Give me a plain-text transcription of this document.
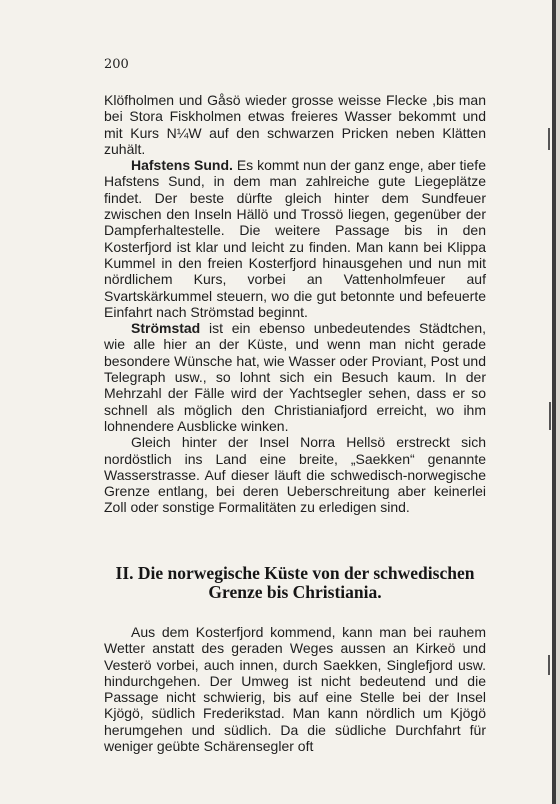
200

Klöfholmen und Gåsö wieder grosse weisse Flecke ,bis man bei Stora Fiskholmen etwas freieres Wasser bekommt und mit Kurs N¼W auf den schwarzen Pricken neben Klätten zuhält.

Hafstens Sund. Es kommt nun der ganz enge, aber tiefe Hafstens Sund, in dem man zahlreiche gute Liegeplätze findet. Der beste dürfte gleich hinter dem Sundfeuer zwischen den Inseln Hällö und Trossö liegen, gegenüber der Dampferhaltestelle. Die weitere Passage bis in den Kosterfjord ist klar und leicht zu finden. Man kann bei Klippa Kummel in den freien Kosterfjord hinausgehen und nun mit nördlichem Kurs, vorbei an Vattenholmfeuer auf Svartskärkummel steuern, wo die gut betonnte und befeuerte Einfahrt nach Strömstad beginnt.

Strömstad ist ein ebenso unbedeutendes Städtchen, wie alle hier an der Küste, und wenn man nicht gerade besondere Wünsche hat, wie Wasser oder Proviant, Post und Telegraph usw., so lohnt sich ein Besuch kaum. In der Mehrzahl der Fälle wird der Yachtsegler sehen, dass er so schnell als möglich den Christianiafjord erreicht, wo ihm lohnendere Ausblicke winken.

Gleich hinter der Insel Norra Hellsö erstreckt sich nordöstlich ins Land eine breite, „Saekken“ genannte Wasserstrasse. Auf dieser läuft die schwedisch-norwegische Grenze entlang, bei deren Ueberschreitung aber keinerlei Zoll oder sonstige Formalitäten zu erledigen sind.

II. Die norwegische Küste von der schwedischen
Grenze bis Christiania.

Aus dem Kosterfjord kommend, kann man bei rauhem Wetter anstatt des geraden Weges aussen an Kirkeö und Vesterö vorbei, auch innen, durch Saekken, Singlefjord usw. hindurchgehen. Der Umweg ist nicht bedeutend und die Passage nicht schwierig, bis auf eine Stelle bei der Insel Kjögö, südlich Frederikstad. Man kann nördlich um Kjögö herumgehen und südlich. Da die südliche Durchfahrt für weniger geübte Schärensegler oft
